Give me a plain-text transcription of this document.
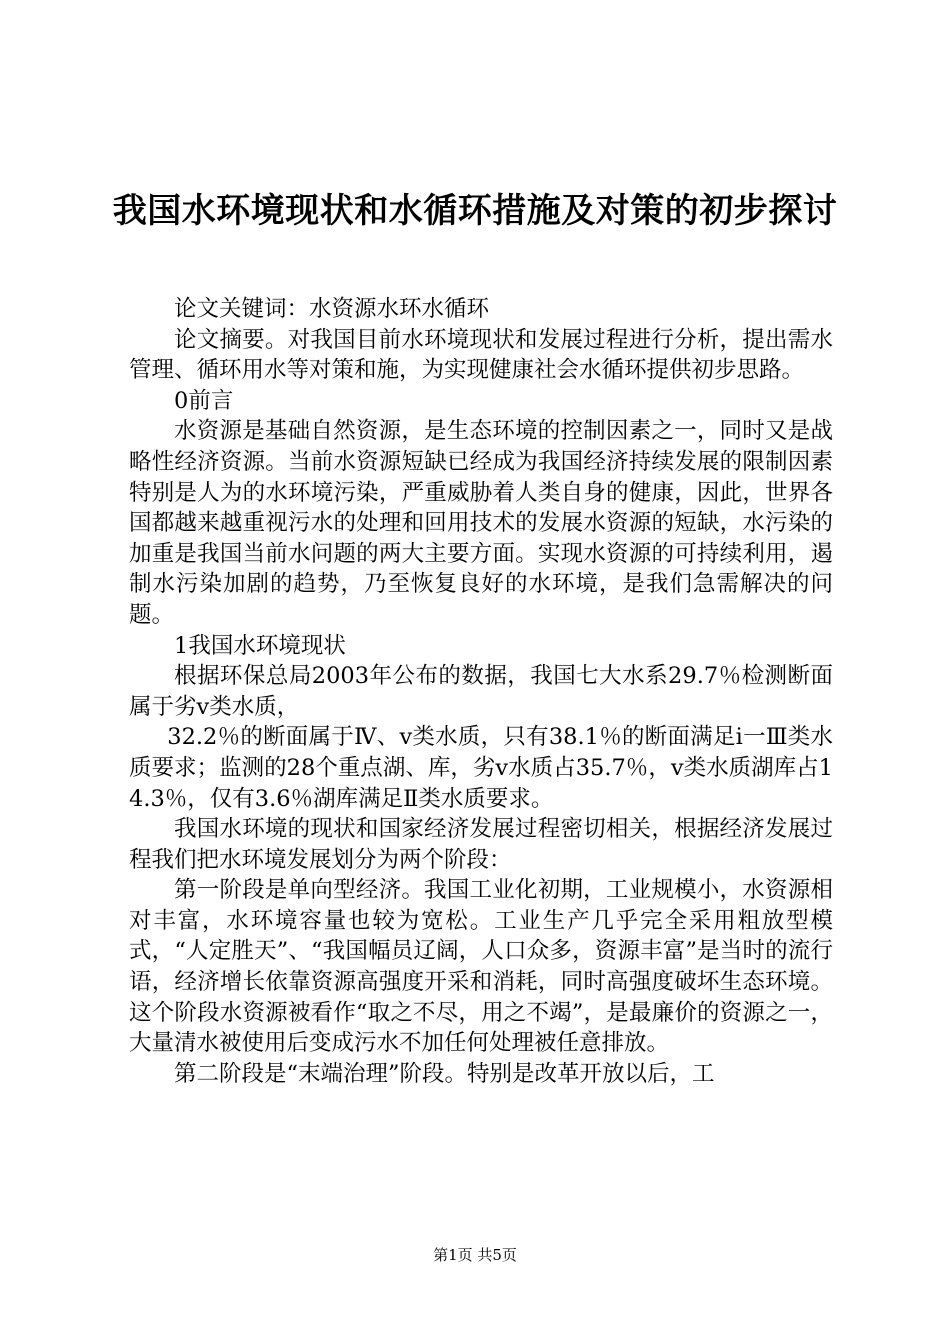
我国水环境现状和水循环措施及对策的初步探讨

论文关键词：水资源水环水循环

论文摘要。对我国目前水环境现状和发展过程进行分析，提出需水管理、循环用水等对策和施，为实现健康社会水循环提供初步思路。

0前言

水资源是基础自然资源，是生态环境的控制因素之一，同时又是战略性经济资源。当前水资源短缺已经成为我国经济持续发展的限制因素特别是人为的水环境污染，严重威胁着人类自身的健康，因此，世界各国都越来越重视污水的处理和回用技术的发展水资源的短缺，水污染的加重是我国当前水问题的两大主要方面。实现水资源的可持续利用，遏制水污染加剧的趋势，乃至恢复良好的水环境，是我们急需解决的问题。

1我国水环境现状

根据环保总局2003年公布的数据，我国七大水系29.7％检测断面属于劣v类水质，

32.2％的断面属于Ⅳ、v类水质，只有38.1％的断面满足i一Ⅲ类水质要求；监测的28个重点湖、库，劣v水质占35.7％，v类水质湖库占14.3％，仅有3.6％湖库满足Ⅱ类水质要求。

我国水环境的现状和国家经济发展过程密切相关，根据经济发展过程我们把水环境发展划分为两个阶段：

第一阶段是单向型经济。我国工业化初期，工业规模小，水资源相对丰富，水环境容量也较为宽松。工业生产几乎完全采用粗放型模式，“人定胜天”、“我国幅员辽阔，人口众多，资源丰富”是当时的流行语，经济增长依靠资源高强度开采和消耗，同时高强度破坏生态环境。这个阶段水资源被看作“取之不尽，用之不竭”，是最廉价的资源之一，大量清水被使用后变成污水不加任何处理被任意排放。

第二阶段是“末端治理”阶段。特别是改革开放以后，工

第1页 共5页
